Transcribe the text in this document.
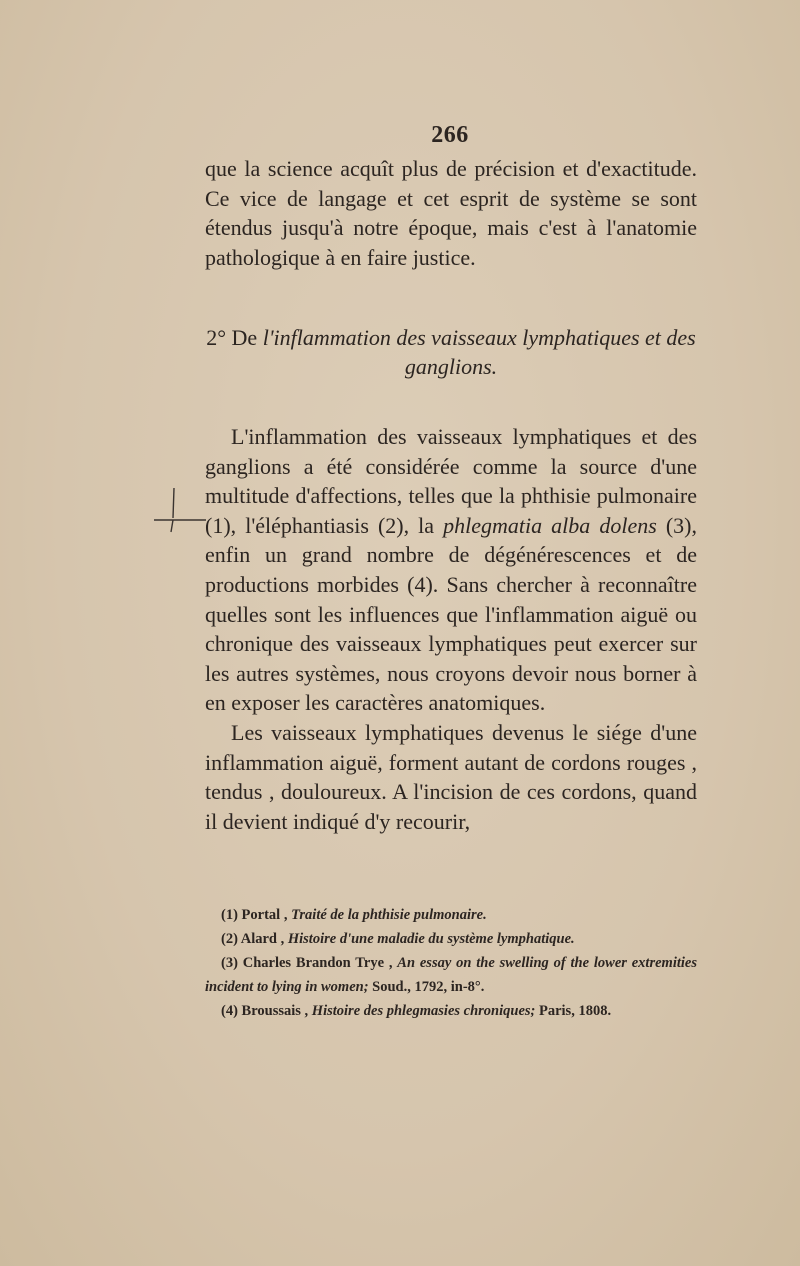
266

que la science acquît plus de précision et d'exactitude. Ce vice de langage et cet esprit de système se sont étendus jusqu'à notre époque, mais c'est à l'anatomie pathologique à en faire justice.

2° De l'inflammation des vaisseaux lymphatiques et des ganglions.

L'inflammation des vaisseaux lymphatiques et des ganglions a été considérée comme la source d'une multitude d'affections, telles que la phthisie pulmonaire (1), l'éléphantiasis (2), la phlegmatia alba dolens (3), enfin un grand nombre de dégénérescences et de productions morbides (4). Sans chercher à reconnaître quelles sont les influences que l'inflammation aiguë ou chronique des vaisseaux lymphatiques peut exercer sur les autres systèmes, nous croyons devoir nous borner à en exposer les caractères anatomiques.

Les vaisseaux lymphatiques devenus le siége d'une inflammation aiguë, forment autant de cordons rouges , tendus , douloureux. A l'incision de ces cordons, quand il devient indiqué d'y recourir,

(1) Portal , Traité de la phthisie pulmonaire.

(2) Alard , Histoire d'une maladie du système lymphatique.

(3) Charles Brandon Trye , An essay on the swelling of the lower extremities incident to lying in women; Soud., 1792, in-8°.

(4) Broussais , Histoire des phlegmasies chroniques; Paris, 1808.
